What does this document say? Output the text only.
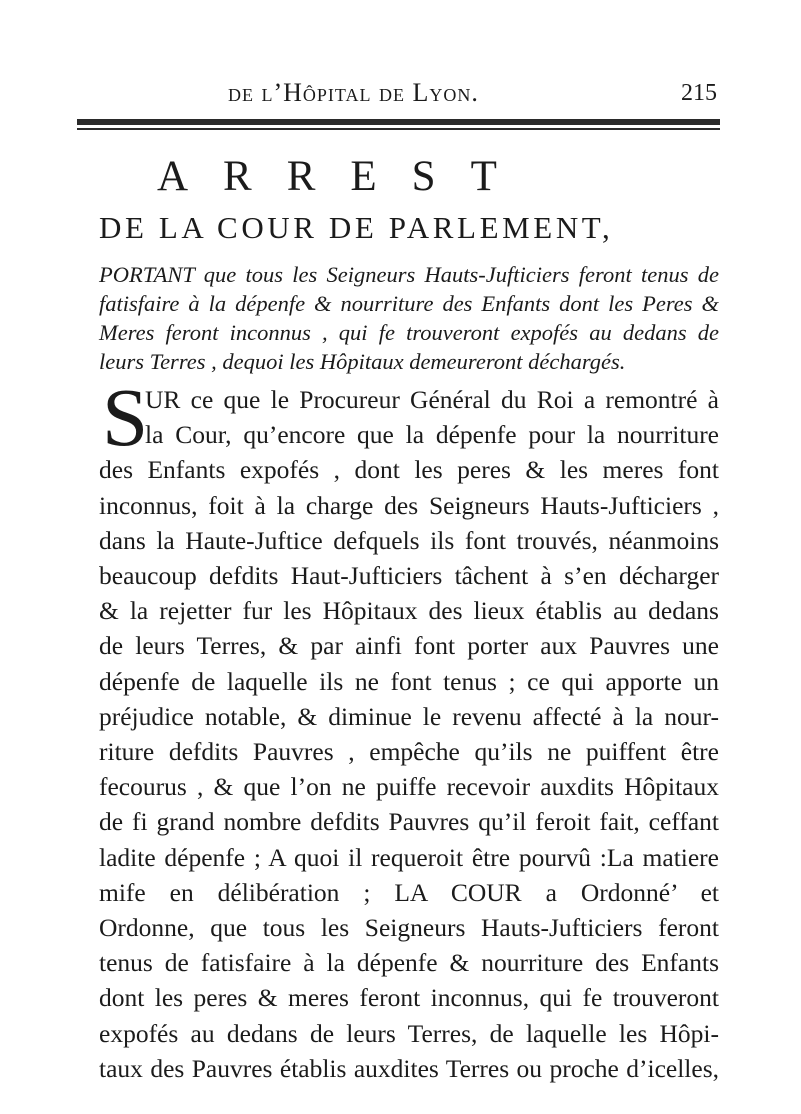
de l’Hôpital de Lyon.	215
ARREST
DE LA COUR DE PARLEMENT,
PORTANT que tous les Seigneurs Hauts-Jufticiers feront tenus de
fatisfaire à la dépenfe & nourriture des Enfants dont les Peres &
Meres feront inconnus , qui fe trouveront expofés au dedans de
leurs Terres , dequoi les Hôpitaux demeureront déchargés.
S
UR ce que le Procureur Général du Roi a remontré à
la Cour, qu’encore que la dépenfe pour la nourriture
des Enfants expofés , dont les peres & les meres font
inconnus, foit à la charge des Seigneurs Hauts-Jufticiers ,
dans la Haute-Juftice defquels ils font trouvés, néanmoins
beaucoup defdits Haut-Jufticiers tâchent à s’en décharger
& la rejetter fur les Hôpitaux des lieux établis au dedans
de leurs Terres, & par ainfi font porter aux Pauvres une
dépenfe de laquelle ils ne font tenus ; ce qui apporte un
préjudice notable, & diminue le revenu affecté à la nour-
riture defdits Pauvres , empêche qu’ils ne puiffent être
fecourus , & que l’on ne puiffe recevoir auxdits Hôpitaux
de fi grand nombre defdits Pauvres qu’il feroit fait, ceffant
ladite dépenfe ; A quoi il requeroit être pourvû :La matiere
mife en délibération ; LA COUR a Ordonné’ et
Ordonne, que tous les Seigneurs Hauts-Jufticiers feront
tenus de fatisfaire à la dépenfe & nourriture des Enfants
dont les peres & meres feront inconnus, qui fe trouveront
expofés au dedans de leurs Terres, de laquelle les Hôpi-
taux des Pauvres établis auxdites Terres ou proche d’icelles,
